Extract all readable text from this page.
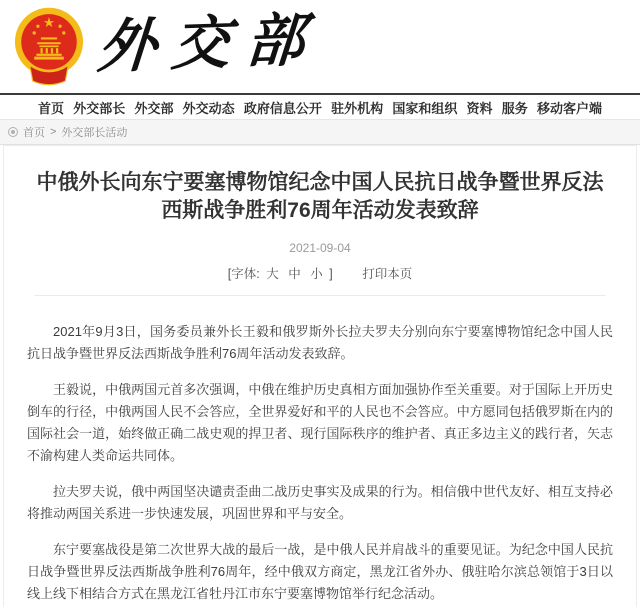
外交部
首页 外交部长 外交部 外交动态 政府信息公开 驻外机构 国家和组织 资料 服务 移动客户端
首页 > 外交部长活动
中俄外长向东宁要塞博物馆纪念中国人民抗日战争暨世界反法西斯战争胜利76周年活动发表致辞
2021-09-04
[字体: 大 中 小 ] 打印本页

2021年9月3日，国务委员兼外长王毅和俄罗斯外长拉夫罗夫分别向东宁要塞博物馆纪念中国人民抗日战争暨世界反法西斯战争胜利76周年活动发表致辞。

王毅说，中俄两国元首多次强调，中俄在维护历史真相方面加强协作至关重要。对于国际上开历史倒车的行径，中俄两国人民不会答应，全世界爱好和平的人民也不会答应。中方愿同包括俄罗斯在内的国际社会一道，始终做正确二战史观的捍卫者、现行国际秩序的维护者、真正多边主义的践行者，矢志不渝构建人类命运共同体。

拉夫罗夫说，俄中两国坚决谴责歪曲二战历史事实及成果的行为。相信俄中世代友好、相互支持必将推动两国关系进一步快速发展，巩固世界和平与安全。

东宁要塞战役是第二次世界大战的最后一战，是中俄人民并肩战斗的重要见证。为纪念中国人民抗日战争暨世界反法西斯战争胜利76周年，经中俄双方商定，黑龙江省外办、俄驻哈尔滨总领馆于3日以线上线下相结合方式在黑龙江省牡丹江市东宁要塞博物馆举行纪念活动。
